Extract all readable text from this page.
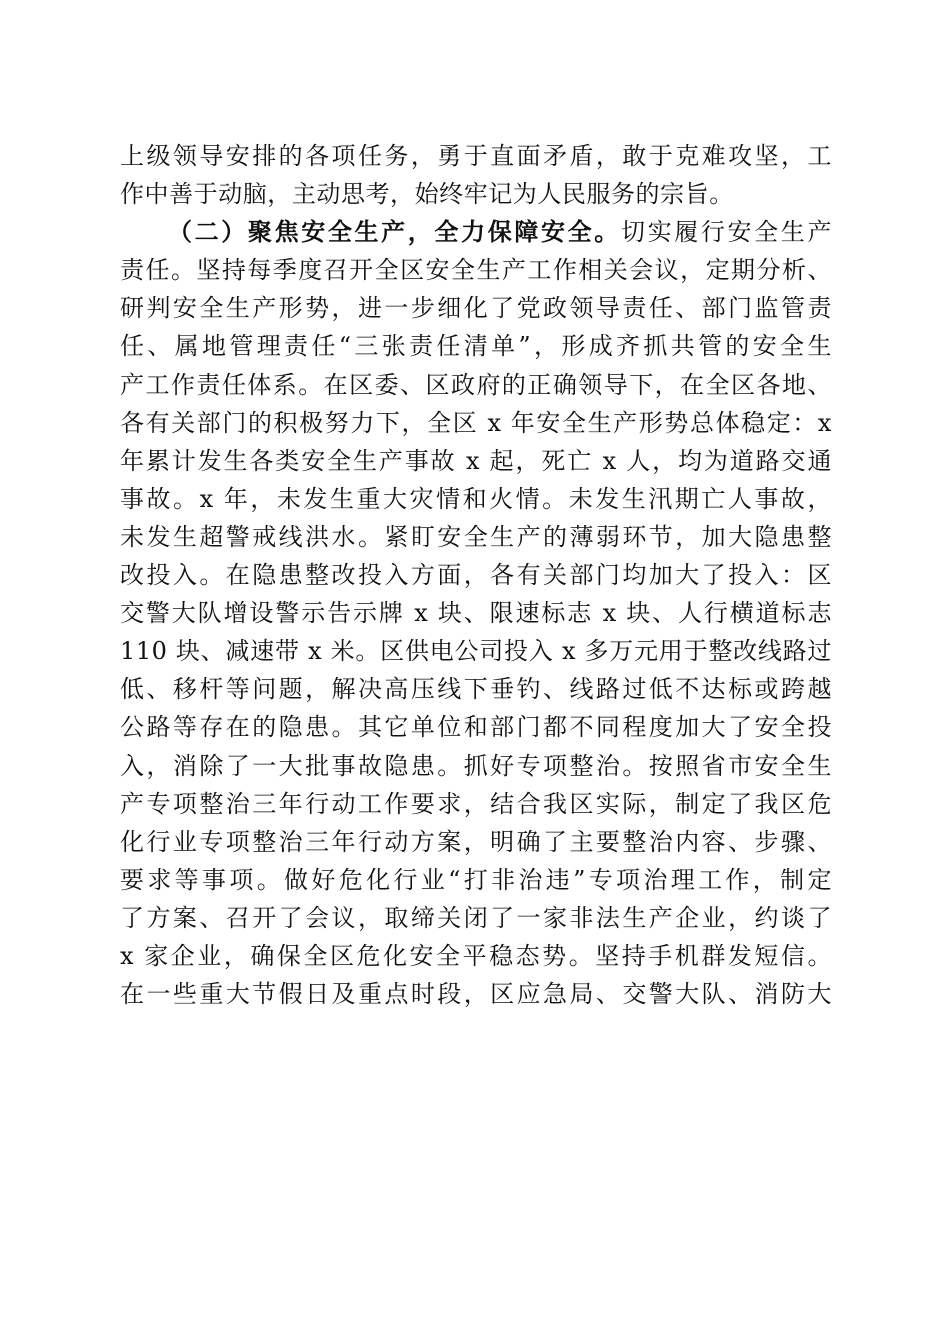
上级领导安排的各项任务，勇于直面矛盾，敢于克难攻坚，工
作中善于动脑，主动思考，始终牢记为人民服务的宗旨。
（二）聚焦安全生产，全力保障安全。切实履行安全生产
责任。坚持每季度召开全区安全生产工作相关会议，定期分析、
研判安全生产形势，进一步细化了党政领导责任、部门监管责
任、属地管理责任“三张责任清单”，形成齐抓共管的安全生
产工作责任体系。在区委、区政府的正确领导下，在全区各地、
各有关部门的积极努力下，全区 x 年安全生产形势总体稳定：x
年累计发生各类安全生产事故 x 起，死亡 x 人，均为道路交通
事故。x 年，未发生重大灾情和火情。未发生汛期亡人事故，
未发生超警戒线洪水。紧盯安全生产的薄弱环节，加大隐患整
改投入。在隐患整改投入方面，各有关部门均加大了投入：区
交警大队增设警示告示牌 x 块、限速标志 x 块、人行横道标志
110 块、减速带 x 米。区供电公司投入 x 多万元用于整改线路过
低、移杆等问题，解决高压线下垂钓、线路过低不达标或跨越
公路等存在的隐患。其它单位和部门都不同程度加大了安全投
入，消除了一大批事故隐患。抓好专项整治。按照省市安全生
产专项整治三年行动工作要求，结合我区实际，制定了我区危
化行业专项整治三年行动方案，明确了主要整治内容、步骤、
要求等事项。做好危化行业“打非治违”专项治理工作，制定
了方案、召开了会议，取缔关闭了一家非法生产企业，约谈了
x 家企业，确保全区危化安全平稳态势。坚持手机群发短信。
在一些重大节假日及重点时段，区应急局、交警大队、消防大
